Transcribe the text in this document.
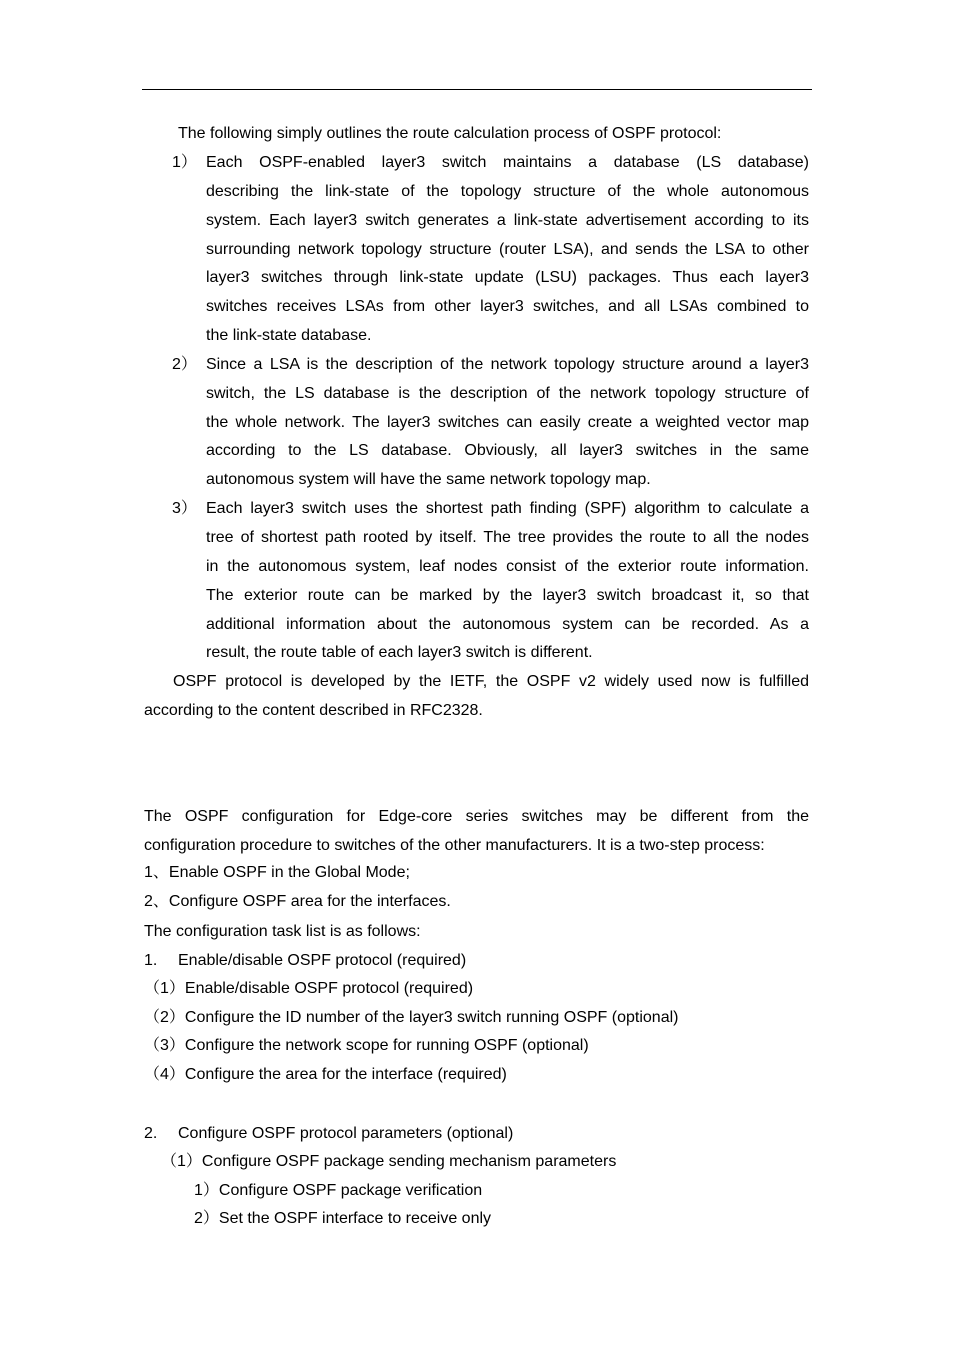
The following simply outlines the route calculation process of OSPF protocol:
1） Each OSPF-enabled layer3 switch maintains a database (LS database)
describing the link-state of the topology structure of the whole autonomous
system. Each layer3 switch generates a link-state advertisement according to its
surrounding network topology structure (router LSA), and sends the LSA to other
layer3 switches through link-state update (LSU) packages. Thus each layer3
switches receives LSAs from other layer3 switches, and all LSAs combined to
the link-state database.
2） Since a LSA is the description of the network topology structure around a layer3
switch, the LS database is the description of the network topology structure of
the whole network. The layer3 switches can easily create a weighted vector map
according to the LS database. Obviously, all layer3 switches in the same
autonomous system will have the same network topology map.
3） Each layer3 switch uses the shortest path finding (SPF) algorithm to calculate a
tree of shortest path rooted by itself. The tree provides the route to all the nodes
in the autonomous system, leaf nodes consist of the exterior route information.
The exterior route can be marked by the layer3 switch broadcast it, so that
additional information about the autonomous system can be recorded. As a
result, the route table of each layer3 switch is different.
OSPF protocol is developed by the IETF, the OSPF v2 widely used now is fulfilled
according to the content described in RFC2328.
The OSPF configuration for Edge-core series switches may be different from the
configuration procedure to switches of the other manufacturers. It is a two-step process:
1、Enable OSPF in the Global Mode;
2、Configure OSPF area for the interfaces.
The configuration task list is as follows:
1. Enable/disable OSPF protocol (required)
（1）Enable/disable OSPF protocol (required)
（2）Configure the ID number of the layer3 switch running OSPF (optional)
（3）Configure the network scope for running OSPF (optional)
（4）Configure the area for the interface (required)
2. Configure OSPF protocol parameters (optional)
（1）Configure OSPF package sending mechanism parameters
1）Configure OSPF package verification
2）Set the OSPF interface to receive only
